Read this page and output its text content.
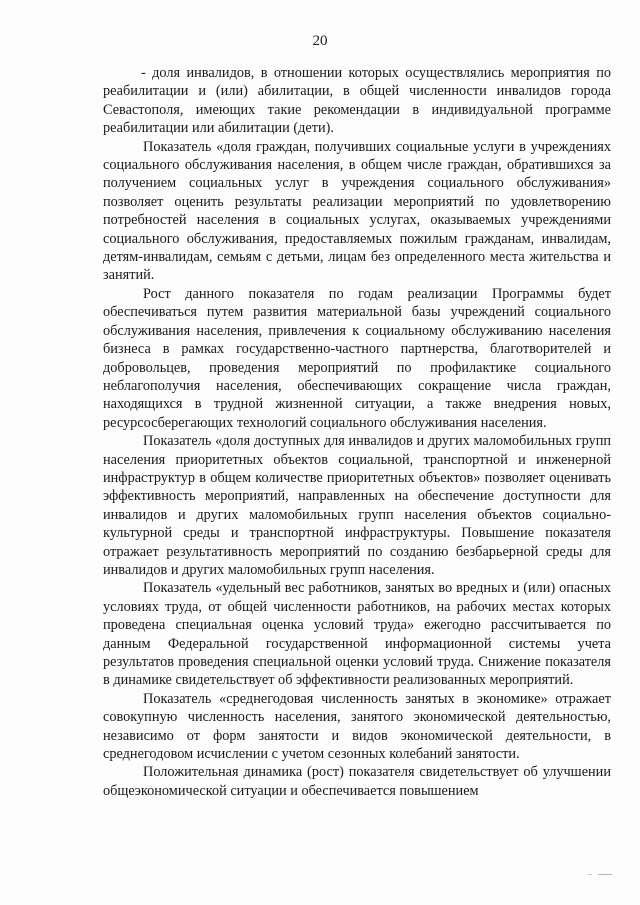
20

- доля инвалидов, в отношении которых осуществлялись мероприятия по реабилитации и (или) абилитации, в общей численности инвалидов города Севастополя, имеющих такие рекомендации в индивидуальной программе реабилитации или абилитации (дети).

Показатель «доля граждан, получивших социальные услуги в учреждениях социального обслуживания населения, в общем числе граждан, обратившихся за получением социальных услуг в учреждения социального обслуживания» позволяет оценить результаты реализации мероприятий по удовлетворению потребностей населения в социальных услугах, оказываемых учреждениями социального обслуживания, предоставляемых пожилым гражданам, инвалидам, детям-инвалидам, семьям с детьми, лицам без определенного места жительства и занятий.

Рост данного показателя по годам реализации Программы будет обеспечиваться путем развития материальной базы учреждений социального обслуживания населения, привлечения к социальному обслуживанию населения бизнеса в рамках государственно-частного партнерства, благотворителей и добровольцев, проведения мероприятий по профилактике социального неблагополучия населения, обеспечивающих сокращение числа граждан, находящихся в трудной жизненной ситуации, а также внедрения новых, ресурсосберегающих технологий социального обслуживания населения.

Показатель «доля доступных для инвалидов и других маломобильных групп населения приоритетных объектов социальной, транспортной и инженерной инфраструктур в общем количестве приоритетных объектов» позволяет оценивать эффективность мероприятий, направленных на обеспечение доступности для инвалидов и других маломобильных групп населения объектов социально-культурной среды и транспортной инфраструктуры. Повышение показателя отражает результативность мероприятий по созданию безбарьерной среды для инвалидов и других маломобильных групп населения.

Показатель «удельный вес работников, занятых во вредных и (или) опасных условиях труда, от общей численности работников, на рабочих местах которых проведена специальная оценка условий труда» ежегодно рассчитывается по данным Федеральной государственной информационной системы учета результатов проведения специальной оценки условий труда. Снижение показателя в динамике свидетельствует об эффективности реализованных мероприятий.

Показатель «среднегодовая численность занятых в экономике» отражает совокупную численность населения, занятого экономической деятельностью, независимо от форм занятости и видов экономической деятельности, в среднегодовом исчислении с учетом сезонных колебаний занятости.

Положительная динамика (рост) показателя свидетельствует об улучшении общеэкономической ситуации и обеспечивается повышением
